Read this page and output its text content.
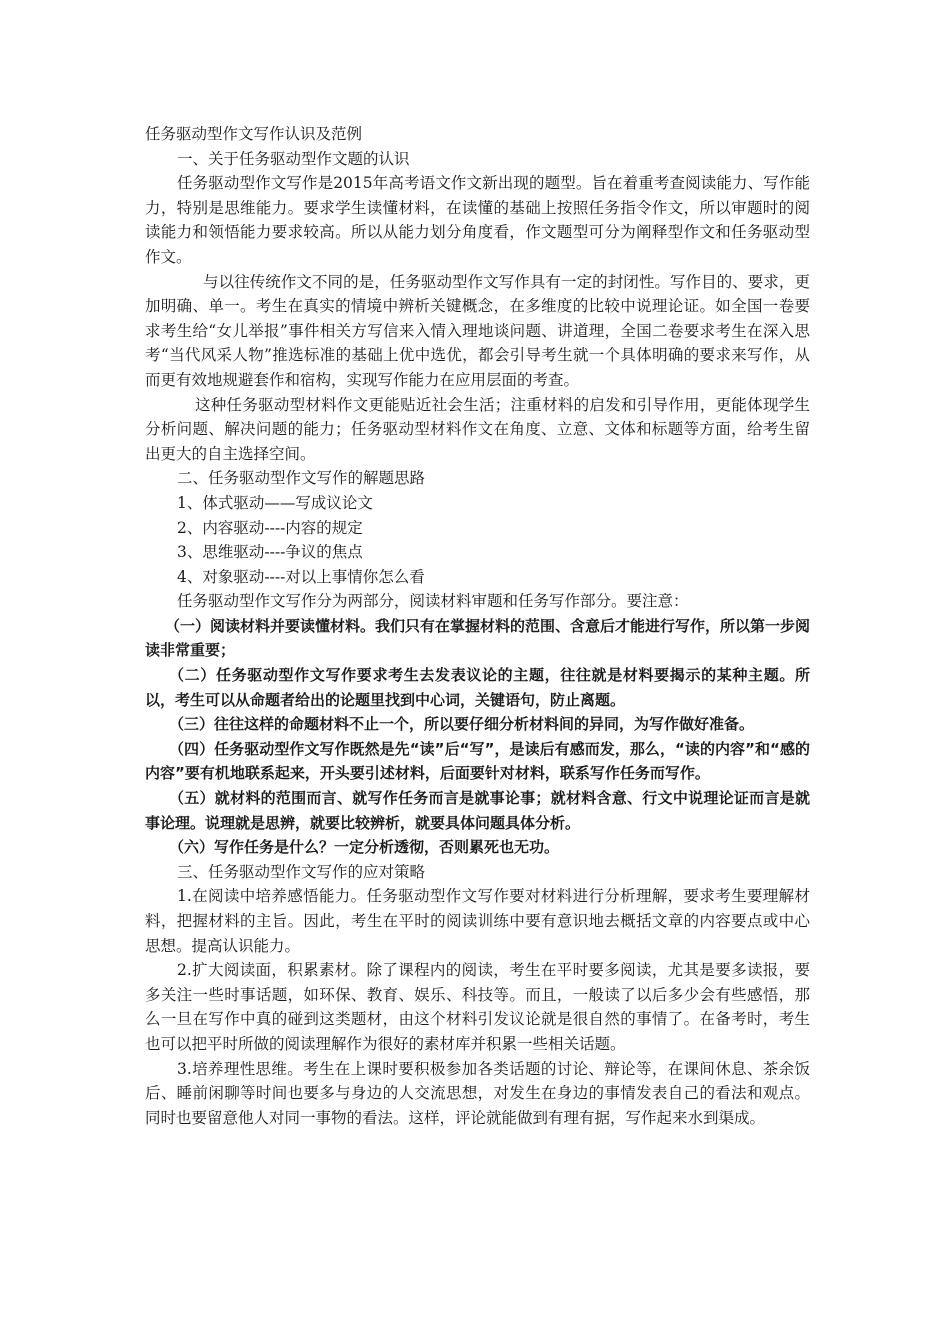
任务驱动型作文写作认识及范例

一、关于任务驱动型作文题的认识

任务驱动型作文写作是2015年高考语文作文新出现的题型。旨在着重考查阅读能力、写作能力，特别是思维能力。要求学生读懂材料，在读懂的基础上按照任务指令作文，所以审题时的阅读能力和领悟能力要求较高。所以从能力划分角度看，作文题型可分为阐释型作文和任务驱动型作文。

与以往传统作文不同的是，任务驱动型作文写作具有一定的封闭性。写作目的、要求，更加明确、单一。考生在真实的情境中辨析关键概念，在多维度的比较中说理论证。如全国一卷要求考生给“女儿举报”事件相关方写信来入情入理地谈问题、讲道理，全国二卷要求考生在深入思考“当代风采人物”推选标准的基础上优中选优，都会引导考生就一个具体明确的要求来写作，从而更有效地规避套作和宿构，实现写作能力在应用层面的考查。

这种任务驱动型材料作文更能贴近社会生活；注重材料的启发和引导作用，更能体现学生分析问题、解决问题的能力；任务驱动型材料作文在角度、立意、文体和标题等方面，给考生留出更大的自主选择空间。

二、任务驱动型作文写作的解题思路

1、体式驱动——写成议论文

2、内容驱动----内容的规定

3、思维驱动----争议的焦点

4、对象驱动----对以上事情你怎么看

任务驱动型作文写作分为两部分，阅读材料审题和任务写作部分。要注意：

（一）阅读材料并要读懂材料。我们只有在掌握材料的范围、含意后才能进行写作，所以第一步阅读非常重要；

（二）任务驱动型作文写作要求考生去发表议论的主题，往往就是材料要揭示的某种主题。所以，考生可以从命题者给出的论题里找到中心词，关键语句，防止离题。

（三）往往这样的命题材料不止一个，所以要仔细分析材料间的异同，为写作做好准备。

（四）任务驱动型作文写作既然是先“读”后“写”，是读后有感而发，那么，“读的内容”和“感的内容”要有机地联系起来，开头要引述材料，后面要针对材料，联系写作任务而写作。

（五）就材料的范围而言、就写作任务而言是就事论事；就材料含意、行文中说理论证而言是就事论理。说理就是思辨，就要比较辨析，就要具体问题具体分析。

（六）写作任务是什么？一定分析透彻，否则累死也无功。

三、任务驱动型作文写作的应对策略

1.在阅读中培养感悟能力。任务驱动型作文写作要对材料进行分析理解，要求考生要理解材料，把握材料的主旨。因此，考生在平时的阅读训练中要有意识地去概括文章的内容要点或中心思想。提高认识能力。

2.扩大阅读面，积累素材。除了课程内的阅读，考生在平时要多阅读，尤其是要多读报，要多关注一些时事话题，如环保、教育、娱乐、科技等。而且，一般读了以后多少会有些感悟，那么一旦在写作中真的碰到这类题材，由这个材料引发议论就是很自然的事情了。在备考时，考生也可以把平时所做的阅读理解作为很好的素材库并积累一些相关话题。

3.培养理性思维。考生在上课时要积极参加各类话题的讨论、辩论等，在课间休息、茶余饭后、睡前闲聊等时间也要多与身边的人交流思想，对发生在身边的事情发表自己的看法和观点。同时也要留意他人对同一事物的看法。这样，评论就能做到有理有据，写作起来水到渠成。
